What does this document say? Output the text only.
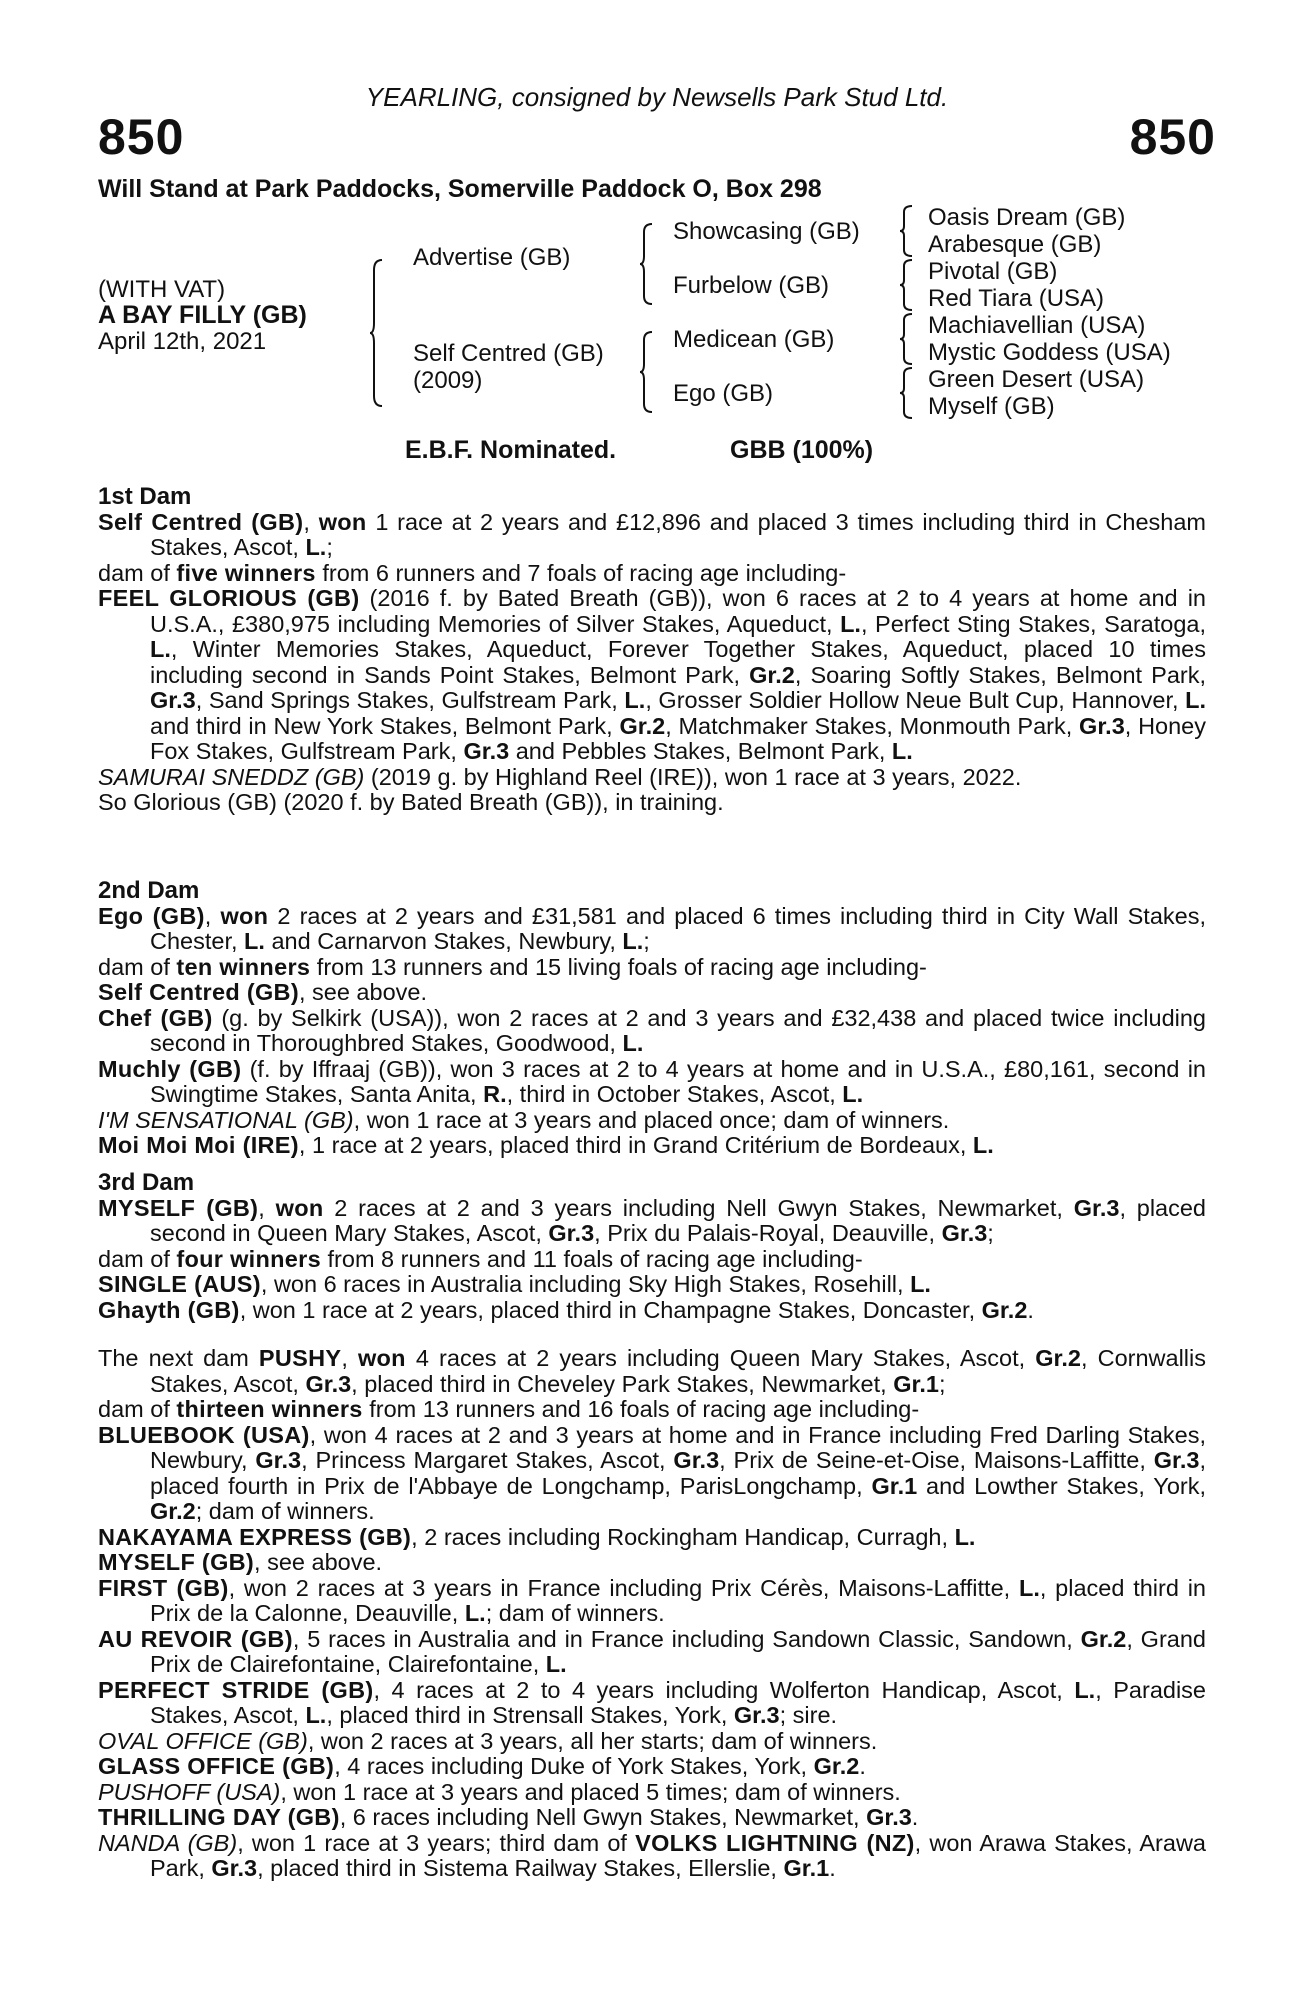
YEARLING, consigned by Newsells Park Stud Ltd.
850	850
Will Stand at Park Paddocks, Somerville Paddock O, Box 298
(WITH VAT)
A BAY FILLY (GB)
April 12th, 2021
Advertise (GB)
Self Centred (GB)
(2009)
Showcasing (GB)
Furbelow (GB)
Medicean (GB)
Ego (GB)
Oasis Dream (GB)
Arabesque (GB)
Pivotal (GB)
Red Tiara (USA)
Machiavellian (USA)
Mystic Goddess (USA)
Green Desert (USA)
Myself (GB)
E.B.F. Nominated.	GBB (100%)

1st Dam

Self Centred (GB), won 1 race at 2 years and £12,896 and placed 3 times including third in Chesham Stakes, Ascot, L.;

dam of five winners from 6 runners and 7 foals of racing age including-

FEEL GLORIOUS (GB) (2016 f. by Bated Breath (GB)), won 6 races at 2 to 4 years at home and in U.S.A., £380,975 including Memories of Silver Stakes, Aqueduct, L., Perfect Sting Stakes, Saratoga, L., Winter Memories Stakes, Aqueduct, Forever Together Stakes, Aqueduct, placed 10 times including second in Sands Point Stakes, Belmont Park, Gr.2, Soaring Softly Stakes, Belmont Park, Gr.3, Sand Springs Stakes, Gulfstream Park, L., Grosser Soldier Hollow Neue Bult Cup, Hannover, L. and third in New York Stakes, Belmont Park, Gr.2, Matchmaker Stakes, Monmouth Park, Gr.3, Honey Fox Stakes, Gulfstream Park, Gr.3 and Pebbles Stakes, Belmont Park, L.

SAMURAI SNEDDZ (GB) (2019 g. by Highland Reel (IRE)), won 1 race at 3 years, 2022.

So Glorious (GB) (2020 f. by Bated Breath (GB)), in training.

2nd Dam

Ego (GB), won 2 races at 2 years and £31,581 and placed 6 times including third in City Wall Stakes, Chester, L. and Carnarvon Stakes, Newbury, L.;

dam of ten winners from 13 runners and 15 living foals of racing age including-

Self Centred (GB), see above.

Chef (GB) (g. by Selkirk (USA)), won 2 races at 2 and 3 years and £32,438 and placed twice including second in Thoroughbred Stakes, Goodwood, L.

Muchly (GB) (f. by Iffraaj (GB)), won 3 races at 2 to 4 years at home and in U.S.A., £80,161, second in Swingtime Stakes, Santa Anita, R., third in October Stakes, Ascot, L.

I'M SENSATIONAL (GB), won 1 race at 3 years and placed once; dam of winners.

Moi Moi Moi (IRE), 1 race at 2 years, placed third in Grand Critérium de Bordeaux, L.

3rd Dam

MYSELF (GB), won 2 races at 2 and 3 years including Nell Gwyn Stakes, Newmarket, Gr.3, placed second in Queen Mary Stakes, Ascot, Gr.3, Prix du Palais-Royal, Deauville, Gr.3;

dam of four winners from 8 runners and 11 foals of racing age including-

SINGLE (AUS), won 6 races in Australia including Sky High Stakes, Rosehill, L.

Ghayth (GB), won 1 race at 2 years, placed third in Champagne Stakes, Doncaster, Gr.2.

The next dam PUSHY, won 4 races at 2 years including Queen Mary Stakes, Ascot, Gr.2, Cornwallis Stakes, Ascot, Gr.3, placed third in Cheveley Park Stakes, Newmarket, Gr.1;

dam of thirteen winners from 13 runners and 16 foals of racing age including-

BLUEBOOK (USA), won 4 races at 2 and 3 years at home and in France including Fred Darling Stakes, Newbury, Gr.3, Princess Margaret Stakes, Ascot, Gr.3, Prix de Seine-et-Oise, Maisons-Laffitte, Gr.3, placed fourth in Prix de l'Abbaye de Longchamp, ParisLongchamp, Gr.1 and Lowther Stakes, York, Gr.2; dam of winners.

NAKAYAMA EXPRESS (GB), 2 races including Rockingham Handicap, Curragh, L.

MYSELF (GB), see above.

FIRST (GB), won 2 races at 3 years in France including Prix Cérès, Maisons-Laffitte, L., placed third in Prix de la Calonne, Deauville, L.; dam of winners.

AU REVOIR (GB), 5 races in Australia and in France including Sandown Classic, Sandown, Gr.2, Grand Prix de Clairefontaine, Clairefontaine, L.

PERFECT STRIDE (GB), 4 races at 2 to 4 years including Wolferton Handicap, Ascot, L., Paradise Stakes, Ascot, L., placed third in Strensall Stakes, York, Gr.3; sire.

OVAL OFFICE (GB), won 2 races at 3 years, all her starts; dam of winners.

GLASS OFFICE (GB), 4 races including Duke of York Stakes, York, Gr.2.

PUSHOFF (USA), won 1 race at 3 years and placed 5 times; dam of winners.

THRILLING DAY (GB), 6 races including Nell Gwyn Stakes, Newmarket, Gr.3.

NANDA (GB), won 1 race at 3 years; third dam of VOLKS LIGHTNING (NZ), won Arawa Stakes, Arawa Park, Gr.3, placed third in Sistema Railway Stakes, Ellerslie, Gr.1.
